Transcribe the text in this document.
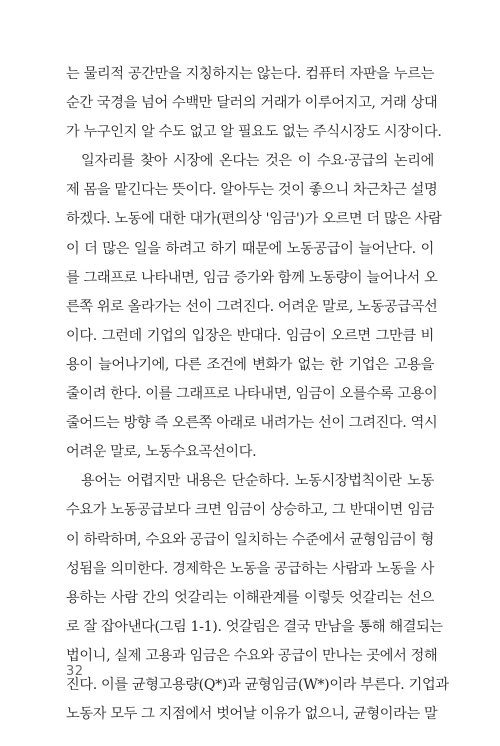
는 물리적 공간만을 지칭하지는 않는다. 컴퓨터 자판을 누르는
순간 국경을 넘어 수백만 달러의 거래가 이루어지고, 거래 상대
가 누구인지 알 수도 없고 알 필요도 없는 주식시장도 시장이다.
일자리를 찾아 시장에 온다는 것은 이 수요·공급의 논리에
제 몸을 맡긴다는 뜻이다. 알아두는 것이 좋으니 차근차근 설명
하겠다. 노동에 대한 대가(편의상 '임금')가 오르면 더 많은 사람
이 더 많은 일을 하려고 하기 때문에 노동공급이 늘어난다. 이
를 그래프로 나타내면, 임금 증가와 함께 노동량이 늘어나서 오
른쪽 위로 올라가는 선이 그려진다. 어려운 말로, 노동공급곡선
이다. 그런데 기업의 입장은 반대다. 임금이 오르면 그만큼 비
용이 늘어나기에, 다른 조건에 변화가 없는 한 기업은 고용을
줄이려 한다. 이를 그래프로 나타내면, 임금이 오를수록 고용이
줄어드는 방향 즉 오른쪽 아래로 내려가는 선이 그려진다. 역시
어려운 말로, 노동수요곡선이다.
용어는 어렵지만 내용은 단순하다. 노동시장법칙이란 노동
수요가 노동공급보다 크면 임금이 상승하고, 그 반대이면 임금
이 하락하며, 수요와 공급이 일치하는 수준에서 균형임금이 형
성됨을 의미한다. 경제학은 노동을 공급하는 사람과 노동을 사
용하는 사람 간의 엇갈리는 이해관계를 이렇듯 엇갈리는 선으
로 잘 잡아낸다(그림 1-1). 엇갈림은 결국 만남을 통해 해결되는
법이니, 실제 고용과 임금은 수요와 공급이 만나는 곳에서 정해
진다. 이를 균형고용량(Q*)과 균형임금(W*)이라 부른다. 기업과
노동자 모두 그 지점에서 벗어날 이유가 없으니, 균형이라는 말
32
